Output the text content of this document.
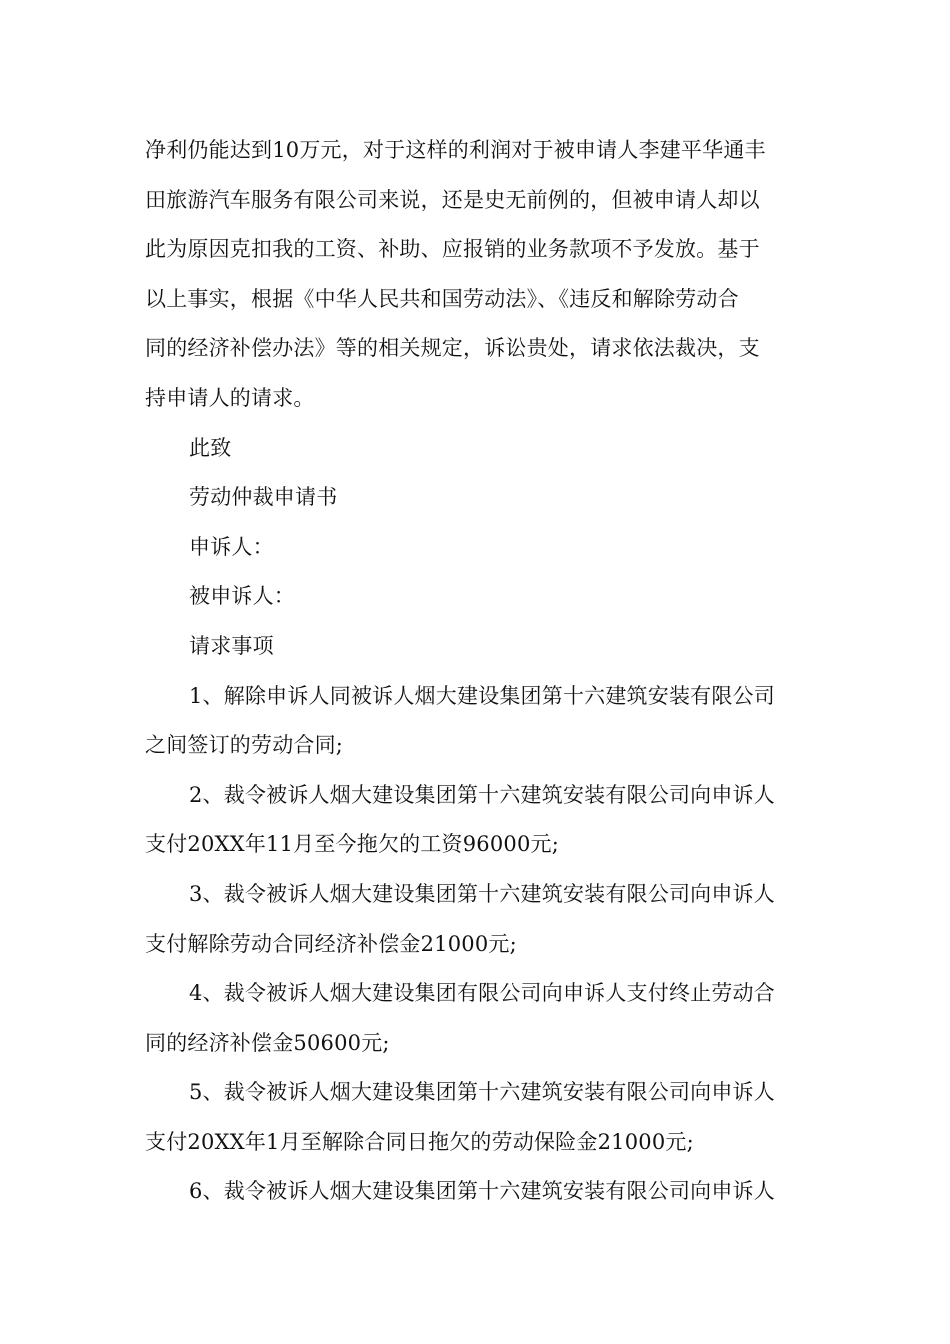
净利仍能达到10万元，对于这样的利润对于被申请人李建平华通丰
田旅游汽车服务有限公司来说，还是史无前例的，但被申请人却以
此为原因克扣我的工资、补助、应报销的业务款项不予发放。基于
以上事实，根据《中华人民共和国劳动法》、《违反和解除劳动合
同的经济补偿办法》等的相关规定，诉讼贵处，请求依法裁决，支
持申请人的请求。
此致
劳动仲裁申请书
申诉人：
被申诉人：
请求事项
1、解除申诉人同被诉人烟大建设集团第十六建筑安装有限公司
之间签订的劳动合同;
2、裁令被诉人烟大建设集团第十六建筑安装有限公司向申诉人
支付20XX年11月至今拖欠的工资96000元;
3、裁令被诉人烟大建设集团第十六建筑安装有限公司向申诉人
支付解除劳动合同经济补偿金21000元;
4、裁令被诉人烟大建设集团有限公司向申诉人支付终止劳动合
同的经济补偿金50600元;
5、裁令被诉人烟大建设集团第十六建筑安装有限公司向申诉人
支付20XX年1月至解除合同日拖欠的劳动保险金21000元;
6、裁令被诉人烟大建设集团第十六建筑安装有限公司向申诉人
